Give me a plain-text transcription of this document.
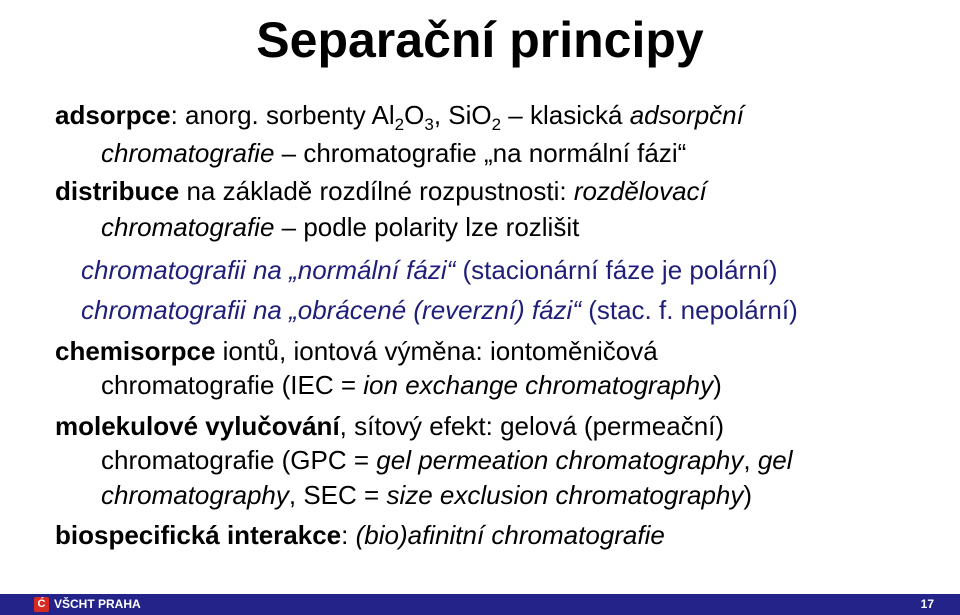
Separační principy
adsorpce: anorg. sorbenty $Al_2O_3$, SiO$_2$ – klasická adsorpční
chromatografie – chromatografie „na normální fázi“
distribuce na základě rozdílné rozpustnosti: rozdělovací
chromatografie – podle polarity lze rozlišit
chromatografii na „normální fázi“ (stacionární fáze je polární)
chromatografii na „obrácené (reverzní) fázi“ (stac. f. nepolární)
chemisorpce iontů, iontová výměna: iontoměničová
chromatografie (IEC = ion exchange chromatography)
molekulové vylučování, sítový efekt: gelová (permeační)
chromatografie (GPC = gel permeation chromatography, gel
chromatography, SEC = size exclusion chromatography)
biospecifická interakce: (bio)afinitní chromatografie
Ć VŠCHT PRAHA	17
